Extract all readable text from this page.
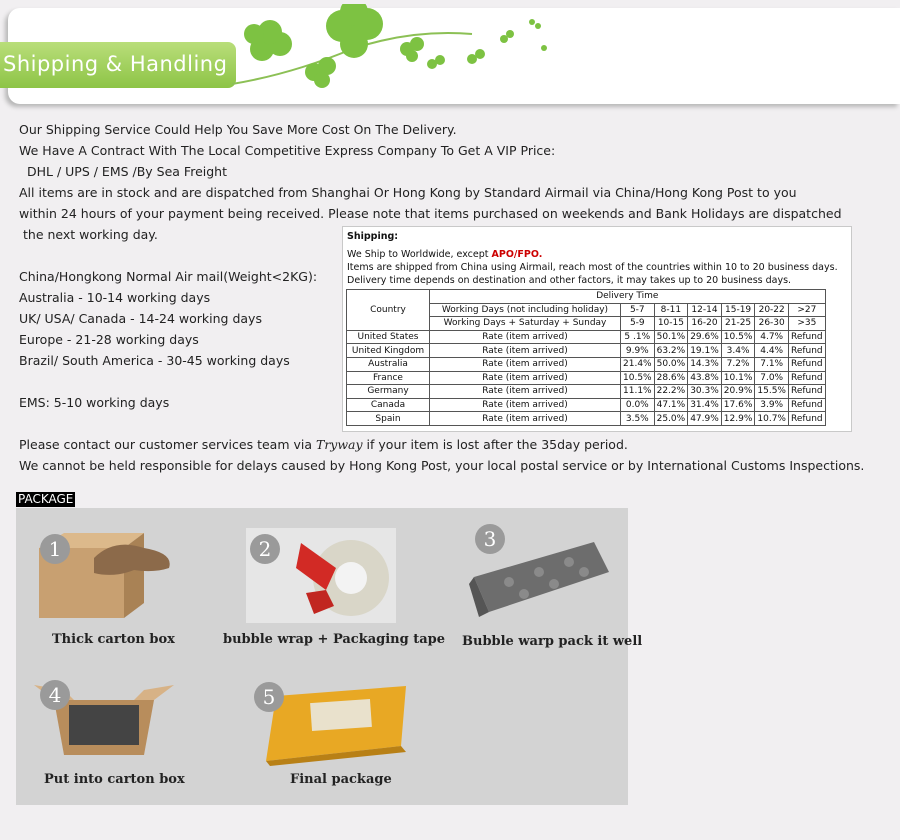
Shipping & Handling
Our Shipping Service Could Help You Save More Cost On The Delivery.
We Have A Contract With The Local Competitive Express Company To Get A VIP Price:
DHL / UPS / EMS /By Sea Freight
All items are in stock and are dispatched from Shanghai Or Hong Kong by Standard Airmail via China/Hong Kong Post to you
within 24 hours of your payment being received. Please note that items purchased on weekends and Bank Holidays are dispatched
the next working day.
China/Hongkong Normal Air mail(Weight<2KG):
Australia - 10-14 working days
UK/ USA/ Canada - 14-24 working days
Europe - 21-28 working days
Brazil/ South America - 30-45 working days
EMS: 5-10 working days
Shipping:
We Ship to Worldwide, except APO/FPO.
Items are shipped from China using Airmail, reach most of the countries within 10 to 20 business days.
Delivery time depends on destination and other factors, it may takes up to 20 business days.
Country	Delivery Time						
	Working Days (not including holiday)	5-7	8-11	12-14	15-19	20-22	>27
	Working Days + Saturday + Sunday	5-9	10-15	16-20	21-25	26-30	>35
United States	Rate (item arrived)	5 .1%	50.1%	29.6%	10.5%	4.7%	Refund
United Kingdom	Rate (item arrived)	9.9%	63.2%	19.1%	3.4%	4.4%	Refund
Australia	Rate (item arrived)	21.4%	50.0%	14.3%	7.2%	7.1%	Refund
France	Rate (item arrived)	10.5%	28.6%	43.8%	10.1%	7.0%	Refund
Germany	Rate (item arrived)	11.1%	22.2%	30.3%	20.9%	15.5%	Refund
Canada	Rate (item arrived)	0.0%	47.1%	31.4%	17.6%	3.9%	Refund
Spain	Rate (item arrived)	3.5%	25.0%	47.9%	12.9%	10.7%	Refund
Please contact our customer services team via Tryway if your item is lost after the 35day period.
We cannot be held responsible for delays caused by Hong Kong Post, your local postal service or by International Customs Inspections.
PACKAGE
1
Thick carton box
2
bubble wrap + Packaging tape
3
Bubble warp pack it well
4
Put into carton box
5
Final package
